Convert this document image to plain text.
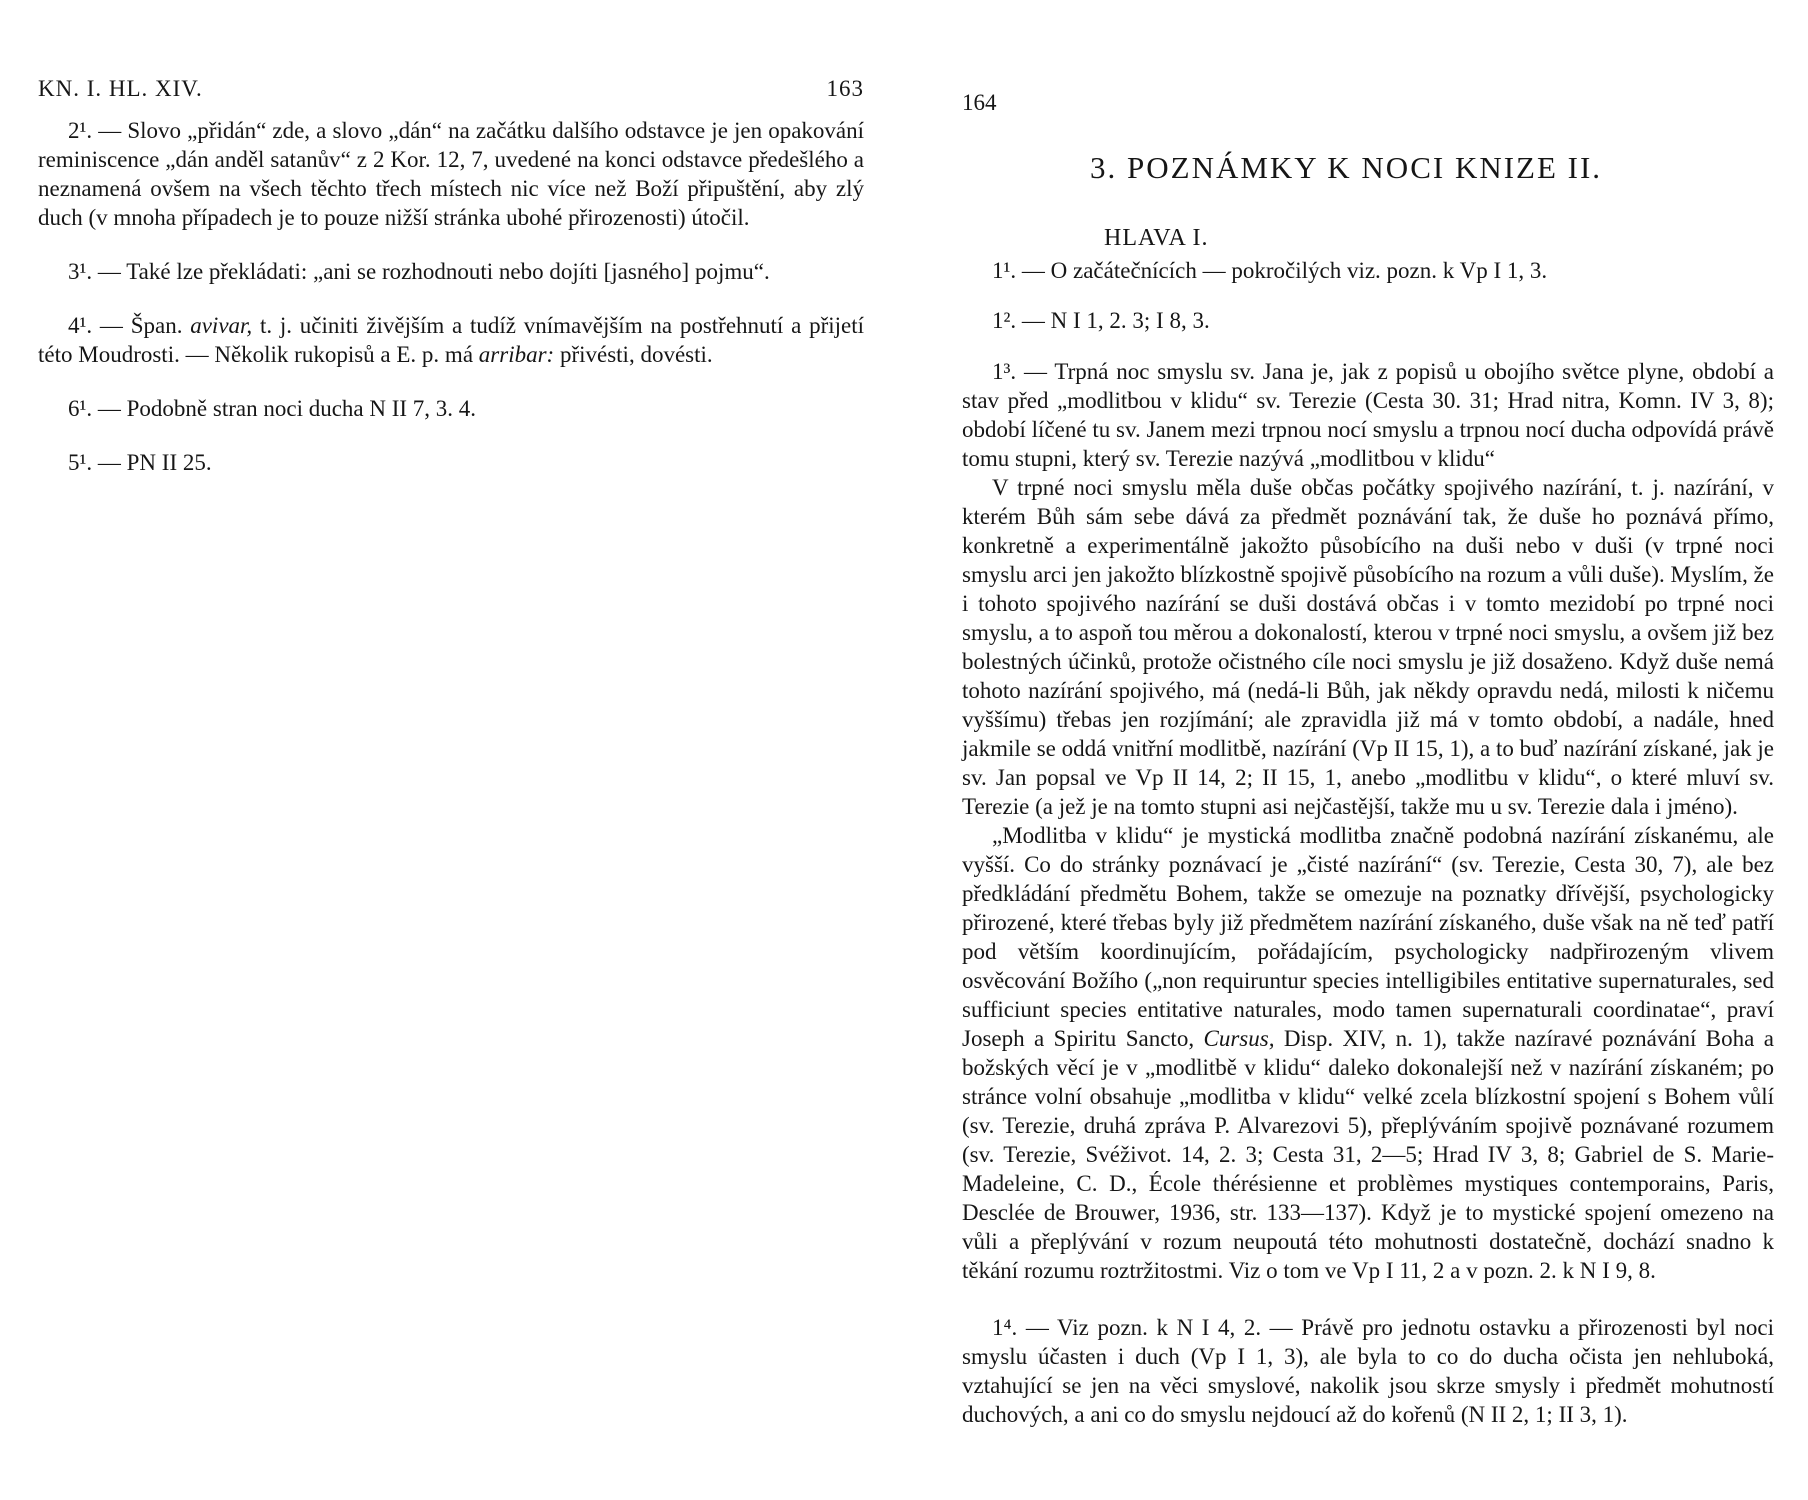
KN. I. HL. XIV.	163

2¹. — Slovo „přidán“ zde, a slovo „dán“ na začátku dalšího odstavce je jen opakování reminiscence „dán anděl satanův“ z 2 Kor. 12, 7, uvedené na konci odstavce předešlého a neznamená ovšem na všech těchto třech místech nic více než Boží připuštění, aby zlý duch (v mnoha případech je to pouze nižší stránka ubohé přirozenosti) útočil.

3¹. — Také lze překládati: „ani se rozhodnouti nebo dojíti [jasného] pojmu“.

4¹. — Špan. avivar, t. j. učiniti živějším a tudíž vnímavějším na postřehnutí a přijetí této Moudrosti. — Několik rukopisů a E. p. má arribar: přivésti, dovésti.

6¹. — Podobně stran noci ducha N II 7, 3. 4.

5¹. — PN II 25.

164
3. POZNÁMKY K NOCI KNIZE II.
HLAVA I.

1¹. — O začátečnících — pokročilých viz. pozn. k Vp I 1, 3.

1². — N I 1, 2. 3; I 8, 3.

1³. — Trpná noc smyslu sv. Jana je, jak z popisů u obojího světce plyne, období a stav před „modlitbou v klidu“ sv. Terezie (Cesta 30. 31; Hrad nitra, Komn. IV 3, 8); období líčené tu sv. Janem mezi trpnou nocí smyslu a trpnou nocí ducha odpovídá právě tomu stupni, který sv. Terezie nazývá „modlitbou v klidu“

V trpné noci smyslu měla duše občas počátky spojivého nazírání, t. j. nazírání, v kterém Bůh sám sebe dává za předmět poznávání tak, že duše ho poznává přímo, konkretně a experimentálně jakožto působícího na duši nebo v duši (v trpné noci smyslu arci jen jakožto blízkostně spojivě působícího na rozum a vůli duše). Myslím, že i tohoto spojivého nazírání se duši dostává občas i v tomto mezidobí po trpné noci smyslu, a to aspoň tou měrou a dokonalostí, kterou v trpné noci smyslu, a ovšem již bez bolestných účinků, protože očistného cíle noci smyslu je již dosaženo. Když duše nemá tohoto nazírání spojivého, má (nedá-li Bůh, jak někdy opravdu nedá, milosti k ničemu vyššímu) třebas jen rozjímání; ale zpravidla již má v tomto období, a nadále, hned jakmile se oddá vnitřní modlitbě, nazírání (Vp II 15, 1), a to buď nazírání získané, jak je sv. Jan popsal ve Vp II 14, 2; II 15, 1, anebo „modlitbu v klidu“, o které mluví sv. Terezie (a jež je na tomto stupni asi nejčastější, takže mu u sv. Terezie dala i jméno).

„Modlitba v klidu“ je mystická modlitba značně podobná nazírání získanému, ale vyšší. Co do stránky poznávací je „čisté nazírání“ (sv. Terezie, Cesta 30, 7), ale bez předkládání předmětu Bohem, takže se omezuje na poznatky dřívější, psychologicky přirozené, které třebas byly již předmětem nazírání získaného, duše však na ně teď patří pod větším koordinujícím, pořádajícím, psychologicky nadpřirozeným vlivem osvěcování Božího („non requiruntur species intelligibiles entitative supernaturales, sed sufficiunt species entitative naturales, modo tamen supernaturali coordinatae“, praví Joseph a Spiritu Sancto, Cursus, Disp. XIV, n. 1), takže nazíravé poznávání Boha a božských věcí je v „modlitbě v klidu“ daleko dokonalejší než v nazírání získaném; po stránce volní obsahuje „modlitba v klidu“ velké zcela blízkostní spojení s Bohem vůlí (sv. Terezie, druhá zpráva P. Alvarezovi 5), přeplýváním spojivě poznávané rozumem (sv. Terezie, Svéživot. 14, 2. 3; Cesta 31, 2—5; Hrad IV 3, 8; Gabriel de S. Marie-Madeleine, C. D., École thérésienne et problèmes mystiques contemporains, Paris, Desclée de Brouwer, 1936, str. 133—137). Když je to mystické spojení omezeno na vůli a přeplývání v rozum neupoutá této mohutnosti dostatečně, dochází snadno k těkání rozumu roztržitostmi. Viz o tom ve Vp I 11, 2 a v pozn. 2. k N I 9, 8.

1⁴. — Viz pozn. k N I 4, 2. — Právě pro jednotu ostavku a přirozenosti byl noci smyslu účasten i duch (Vp I 1, 3), ale byla to co do ducha očista jen nehluboká, vztahující se jen na věci smyslové, nakolik jsou skrze smysly i předmět mohutností duchových, a ani co do smyslu nejdoucí až do kořenů (N II 2, 1; II 3, 1).
